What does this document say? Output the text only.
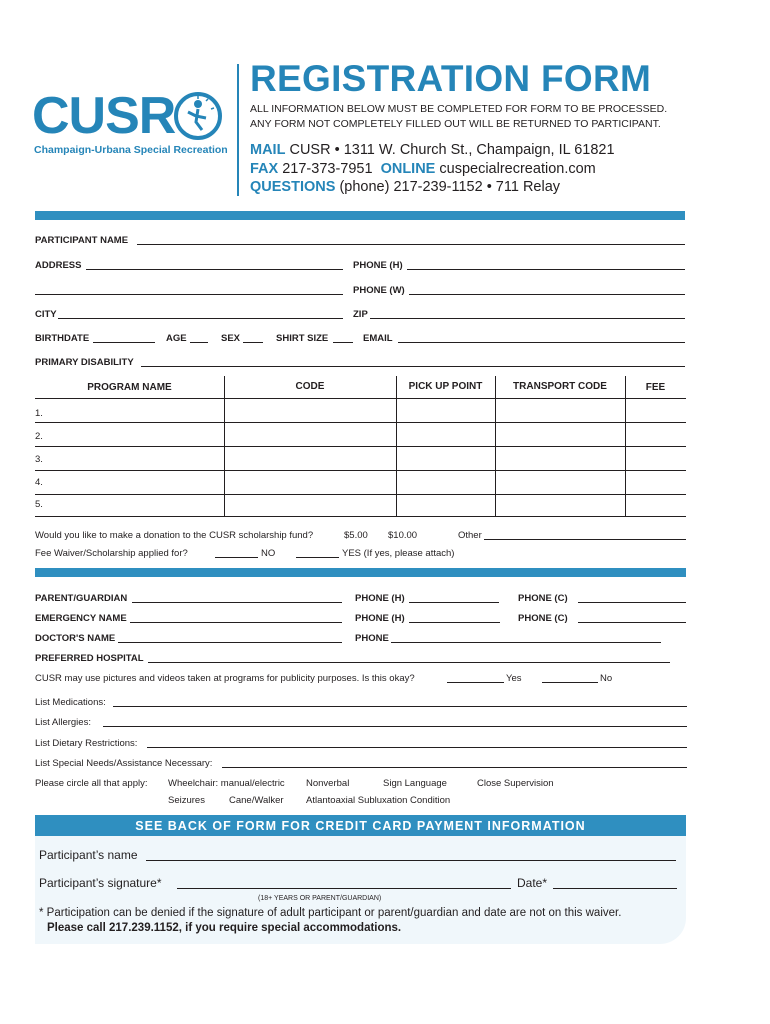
CUSR
Champaign-Urbana Special Recreation
REGISTRATION FORM
ALL INFORMATION BELOW MUST BE COMPLETED FOR FORM TO BE PROCESSED.
ANY FORM NOT COMPLETELY FILLED OUT WILL BE RETURNED TO PARTICIPANT.
MAIL CUSR • 1311 W. Church St., Champaign, IL 61821
FAX 217-373-7951 ONLINE cuspecialrecreation.com
QUESTIONS (phone) 217-239-1152 • 711 Relay
PARTICIPANT NAME
ADDRESS	PHONE (H)
PHONE (W)
CITY	ZIP
BIRTHDATE	AGE	SEX	SHIRT SIZE	EMAIL
PRIMARY DISABILITY
PROGRAM NAME	CODE	PICK UP POINT	TRANSPORT CODE	FEE
1.
2.
3.
4.
5.
Would you like to make a donation to the CUSR scholarship fund?	$5.00 $10.00	Other
Fee Waiver/Scholarship applied for?	NO	YES (If yes, please attach)
PARENT/GUARDIAN	PHONE (H)	PHONE (C)
EMERGENCY NAME	PHONE (H)	PHONE (C)
DOCTOR'S NAME	PHONE
PREFERRED HOSPITAL
CUSR may use pictures and videos taken at programs for publicity purposes. Is this okay?	Yes	No
List Medications:
List Allergies:
List Dietary Restrictions:
List Special Needs/Assistance Necessary:
Please circle all that apply: Wheelchair: manual/electric Nonverbal	Sign Language	Close Supervision
Seizures	Cane/Walker Atlantoaxial Subluxation Condition
SEE BACK OF FORM FOR CREDIT CARD PAYMENT INFORMATION
Participant’s name
Participant’s signature*	Date*
(18+ YEARS OR PARENT/GUARDIAN)
* Participation can be denied if the signature of adult participant or parent/guardian and date are not on this waiver.
Please call 217.239.1152, if you require special accommodations.
